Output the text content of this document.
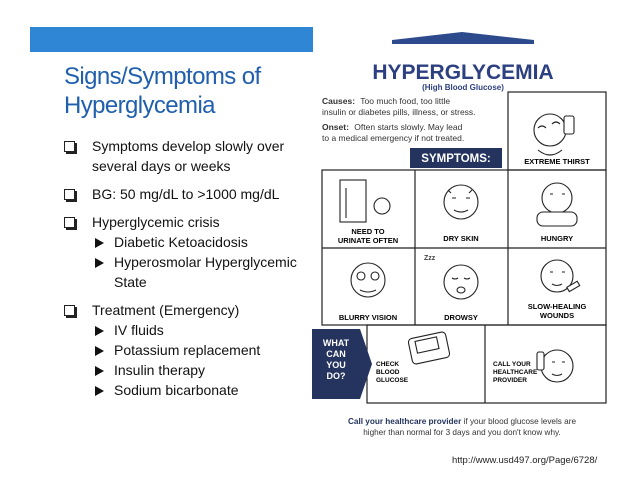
Signs/Symptoms of Hyperglycemia
Symptoms develop slowly over several days or weeks
BG: 50 mg/dL to >1000 mg/dL
Hyperglycemic crisis
Diabetic Ketoacidosis
Hyperosmolar Hyperglycemic State
Treatment (Emergency)
IV fluids
Potassium replacement
Insulin therapy
Sodium bicarbonate
HYPERGLYCEMIA
(High Blood Glucose)
Causes: Too much food, too little
insulin or diabetes pills, illness, or stress.
Onset: Often starts slowly. May lead
to a medical emergency if not treated.
SYMPTOMS:	EXTREME THIRST
NEED TO
URINATE OFTEN	DRY SKIN	HUNGRY
BLURRY VISION
Zzz
DROWSY
SLOW-HEALING
WOUNDS
WHAT
CAN
YOU
DO?
CHECK
BLOOD
GLUCOSE
CALL YOUR
HEALTHCARE
PROVIDER
Call your healthcare provider if your blood glucose levels are
higher than normal for 3 days and you don't know why.
http://www.usd497.org/Page/6728/
